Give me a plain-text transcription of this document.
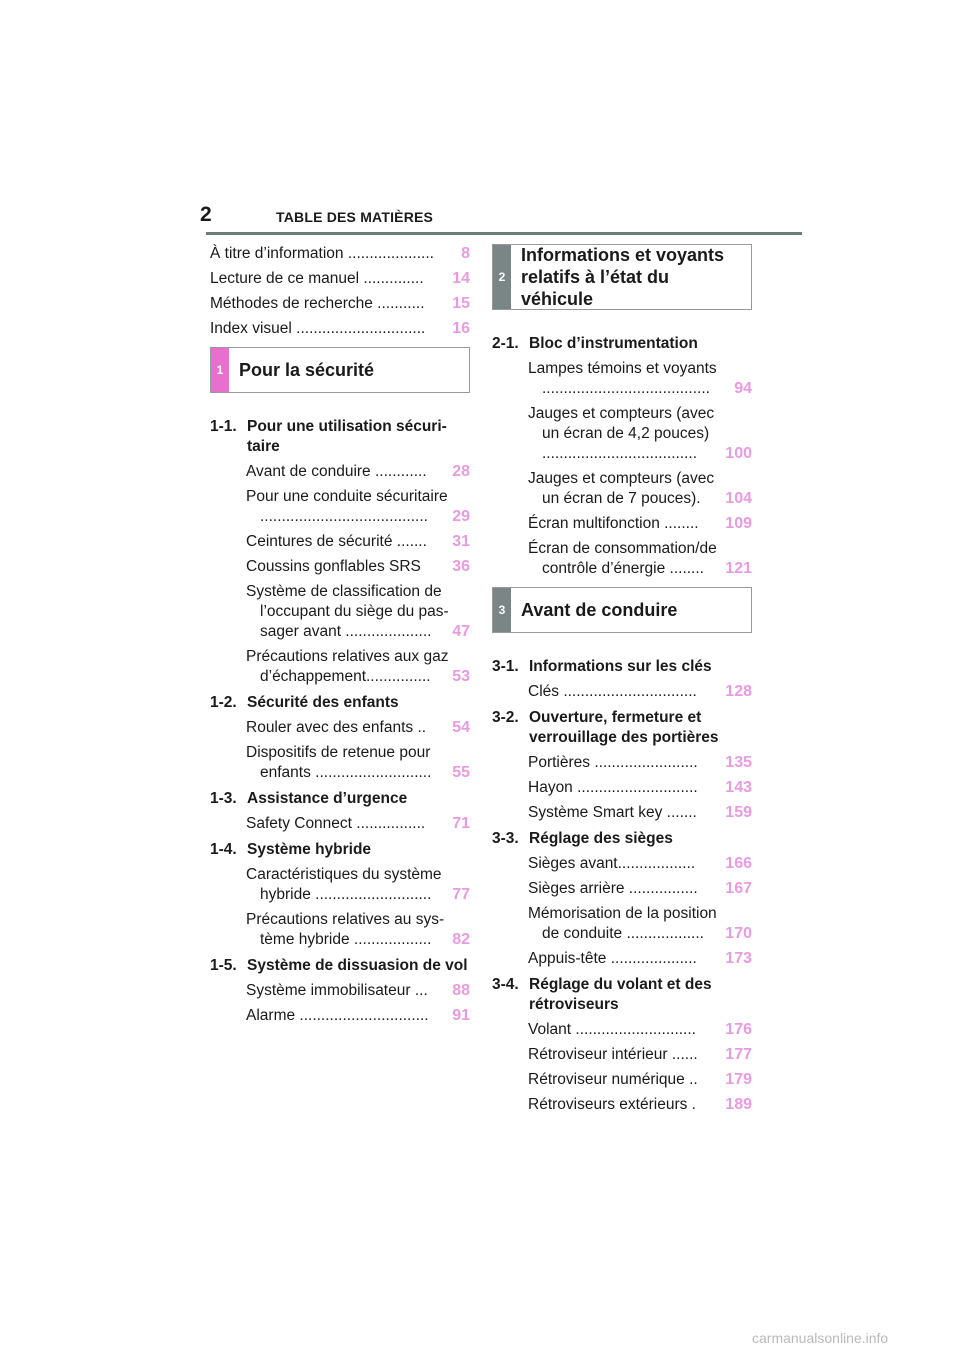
2	TABLE DES MATIÈRES
À titre d’information ....................	8
Lecture de ce manuel ..............	14
Méthodes de recherche ...........	15
Index visuel ..............................	16
1 Pour la sécurité
1-1. Pour une utilisation sécuri-taire
Avant de conduire ............	28
Pour une conduite sécuritaire .......................................	29
Ceintures de sécurité .......	31
Coussins gonflables SRS	36
Système de classification de l’occupant du siège du pas-sager avant ....................	47
Précautions relatives aux gaz d’échappement...............	53
1-2. Sécurité des enfants
Rouler avec des enfants ..	54
Dispositifs de retenue pour enfants ...........................	55
1-3. Assistance d’urgence
Safety Connect ................	71
1-4. Système hybride
Caractéristiques du système hybride ...........................	77
Précautions relatives au sys-tème hybride ..................	82
1-5. Système de dissuasion de vol
Système immobilisateur ...	88
Alarme ..............................	91
2
Informations et voyants relatifs à l’état du véhicule
2-1. Bloc d’instrumentation
Lampes témoins et voyants .......................................	94
Jauges et compteurs (avec un écran de 4,2 pouces) ....................................	100
Jauges et compteurs (avec un écran de 7 pouces).	104
Écran multifonction ........	109
Écran de consommation/de contrôle d’énergie ........	121
3 Avant de conduire
3-1. Informations sur les clés
Clés ...............................	128
3-2. Ouverture, fermeture et verrouillage des portières
Portières ........................	135
Hayon ............................	143
Système Smart key .......	159
3-3. Réglage des sièges
Sièges avant..................	166
Sièges arrière ................	167
Mémorisation de la position de conduite ..................	170
Appuis-tête ....................	173
3-4. Réglage du volant et des rétroviseurs
Volant ............................	176
Rétroviseur intérieur ......	177
Rétroviseur numérique ..	179
Rétroviseurs extérieurs .	189
carmanualsonline.info
